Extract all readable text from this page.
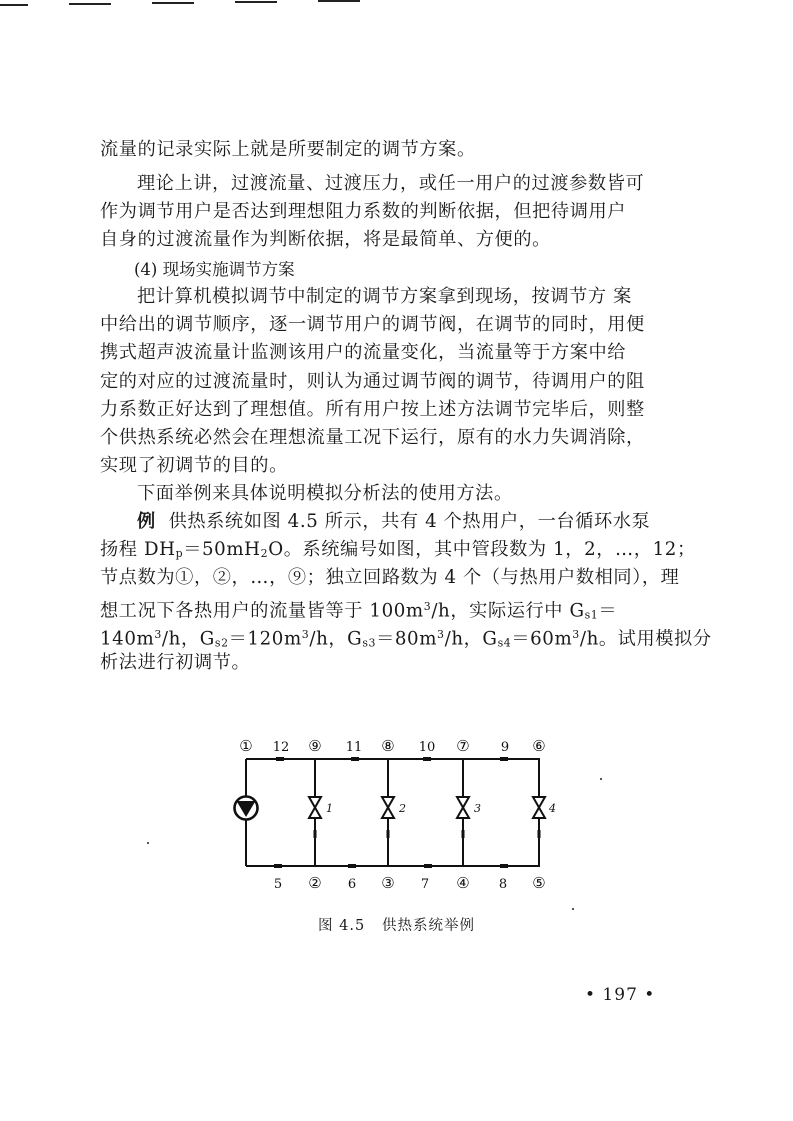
流量的记录实际上就是所要制定的调节方案。
理论上讲，过渡流量、过渡压力，或任一用户的过渡参数皆可
作为调节用户是否达到理想阻力系数的判断依据，但把待调用户
自身的过渡流量作为判断依据，将是最简单、方便的。
(4) 现场实施调节方案
把计算机模拟调节中制定的调节方案拿到现场，按调节方 案
中给出的调节顺序，逐一调节用户的调节阀，在调节的同时，用便
携式超声波流量计监测该用户的流量变化，当流量等于方案中给
定的对应的过渡流量时，则认为通过调节阀的调节，待调用户的阻
力系数正好达到了理想值。所有用户按上述方法调节完毕后，则整
个供热系统必然会在理想流量工况下运行，原有的水力失调消除，
实现了初调节的目的。
下面举例来具体说明模拟分析法的使用方法。
例 供热系统如图 4.5 所示，共有 4 个热用户，一台循环水泵
扬程 $DH_p=50mH_2O$。系统编号如图，其中管段数为 1，2，…，12；
节点数为①，②，…，⑨；独立回路数为 4 个（与热用户数相同），理
想工况下各热用户的流量皆等于 $100m^3/h$，实际运行中 $G_{s1}=$
$140m^3/h$，$G_{s2}=120m^3/h$，$G_{s3}=80m^3/h$，$G_{s4}=60m^3/h$。试用模拟分
析法进行初调节。
①	⑨	⑧	⑦	⑥
12	11	10	9
5	6	7	8
②	③	④	⑤
1	2	3	4
图 4.5 供热系统举例
• 197 •
